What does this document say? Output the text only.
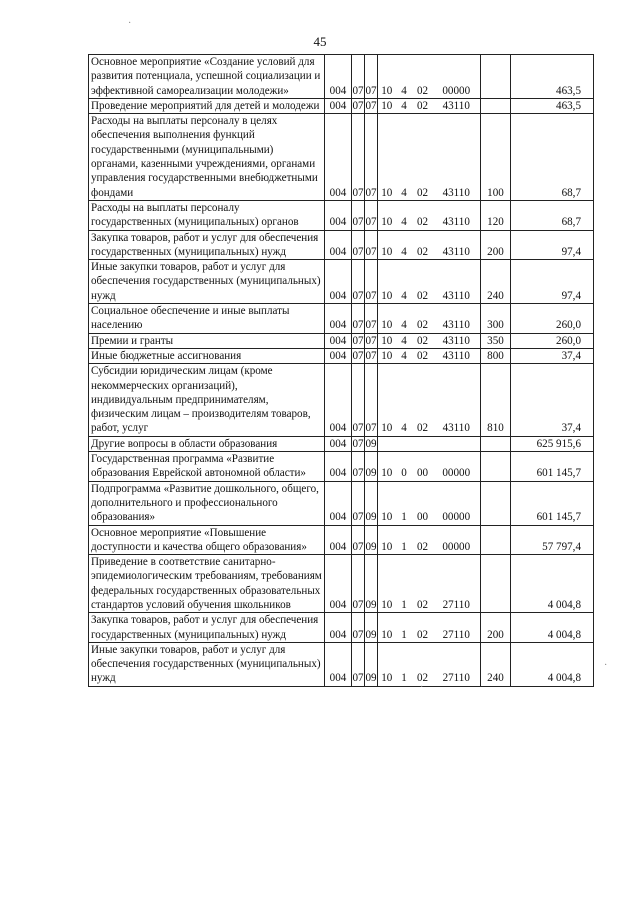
45
Основное мероприятие «Создание условий для развития потенциала, успешной социализации и эффективной самореализации молодежи»	004	07	07	10	4	02	00000		463,5
Проведение мероприятий для детей и молодежи	004	07	07	10	4	02	43110		463,5
Расходы на выплаты персоналу в целях обеспечения выполнения функций государственными (муниципальными) органами, казенными учреждениями, органами управления государственными внебюджетными фондами	004	07	07	10	4	02	43110	100	68,7
Расходы на выплаты персоналу государственных (муниципальных) органов	004	07	07	10	4	02	43110	120	68,7
Закупка товаров, работ и услуг для обеспечения государственных (муниципальных) нужд	004	07	07	10	4	02	43110	200	97,4
Иные закупки товаров, работ и услуг для обеспечения государственных (муниципальных) нужд	004	07	07	10	4	02	43110	240	97,4
Социальное обеспечение и иные выплаты населению	004	07	07	10	4	02	43110	300	260,0
Премии и гранты	004	07	07	10	4	02	43110	350	260,0
Иные бюджетные ассигнования	004	07	07	10	4	02	43110	800	37,4
Субсидии юридическим лицам (кроме некоммерческих организаций), индивидуальным предпринимателям, физическим лицам – производителям товаров, работ, услуг	004	07	07	10	4	02	43110	810	37,4
Другие вопросы в области образования	004	07	09						625 915,6
Государственная программа «Развитие образования Еврейской автономной области»	004	07	09	10	0	00	00000		601 145,7
Подпрограмма «Развитие дошкольного, общего, дополнительного и профессионального образования»	004	07	09	10	1	00	00000		601 145,7
Основное мероприятие «Повышение доступности и качества общего образования»	004	07	09	10	1	02	00000		57 797,4
Приведение в соответствие санитарно-эпидемиологическим требованиям, требованиям федеральных государственных образовательных стандартов условий обучения школьников	004	07	09	10	1	02	27110		4 004,8
Закупка товаров, работ и услуг для обеспечения государственных (муниципальных) нужд	004	07	09	10	1	02	27110	200	4 004,8
Иные закупки товаров, работ и услуг для обеспечения государственных (муниципальных) нужд	004	07	09	10	1	02	27110	240	4 004,8
·
·
·
